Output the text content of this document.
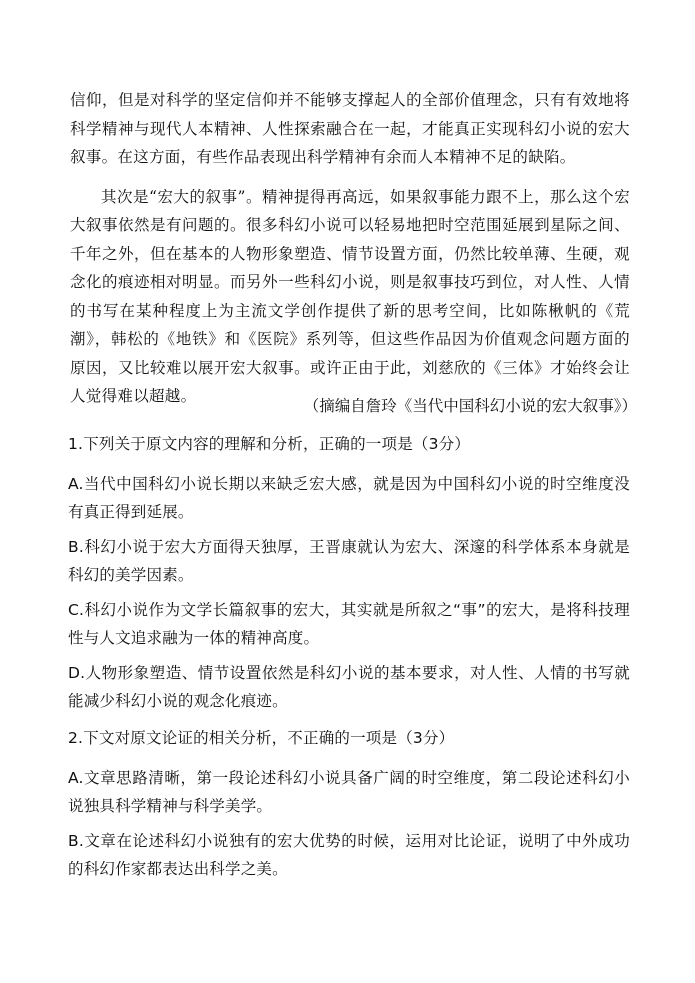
信仰，但是对科学的坚定信仰并不能够支撑起人的全部价值理念，只有有效地将科学精神与现代人本精神、人性探索融合在一起，才能真正实现科幻小说的宏大叙事。在这方面，有些作品表现出科学精神有余而人本精神不足的缺陷。

其次是“宏大的叙事”。精神提得再高远，如果叙事能力跟不上，那么这个宏大叙事依然是有问题的。很多科幻小说可以轻易地把时空范围延展到星际之间、千年之外，但在基本的人物形象塑造、情节设置方面，仍然比较单薄、生硬，观念化的痕迹相对明显。而另外一些科幻小说，则是叙事技巧到位，对人性、人情的书写在某种程度上为主流文学创作提供了新的思考空间，比如陈楸帆的《荒潮》，韩松的《地铁》和《医院》系列等，但这些作品因为价值观念问题方面的原因，又比较难以展开宏大叙事。或许正由于此，刘慈欣的《三体》才始终会让人觉得难以超越。

（摘编自詹玲《当代中国科幻小说的宏大叙事》）

1.下列关于原文内容的理解和分析，正确的一项是（3分）

A.当代中国科幻小说长期以来缺乏宏大感，就是因为中国科幻小说的时空维度没有真正得到延展。

B.科幻小说于宏大方面得天独厚，王晋康就认为宏大、深邃的科学体系本身就是科幻的美学因素。

C.科幻小说作为文学长篇叙事的宏大，其实就是所叙之“事”的宏大，是将科技理性与人文追求融为一体的精神高度。

D.人物形象塑造、情节设置依然是科幻小说的基本要求，对人性、人情的书写就能减少科幻小说的观念化痕迹。

2.下文对原文论证的相关分析，不正确的一项是（3分）

A.文章思路清晰，第一段论述科幻小说具备广阔的时空维度，第二段论述科幻小说独具科学精神与科学美学。

B.文章在论述科幻小说独有的宏大优势的时候，运用对比论证，说明了中外成功的科幻作家都表达出科学之美。
